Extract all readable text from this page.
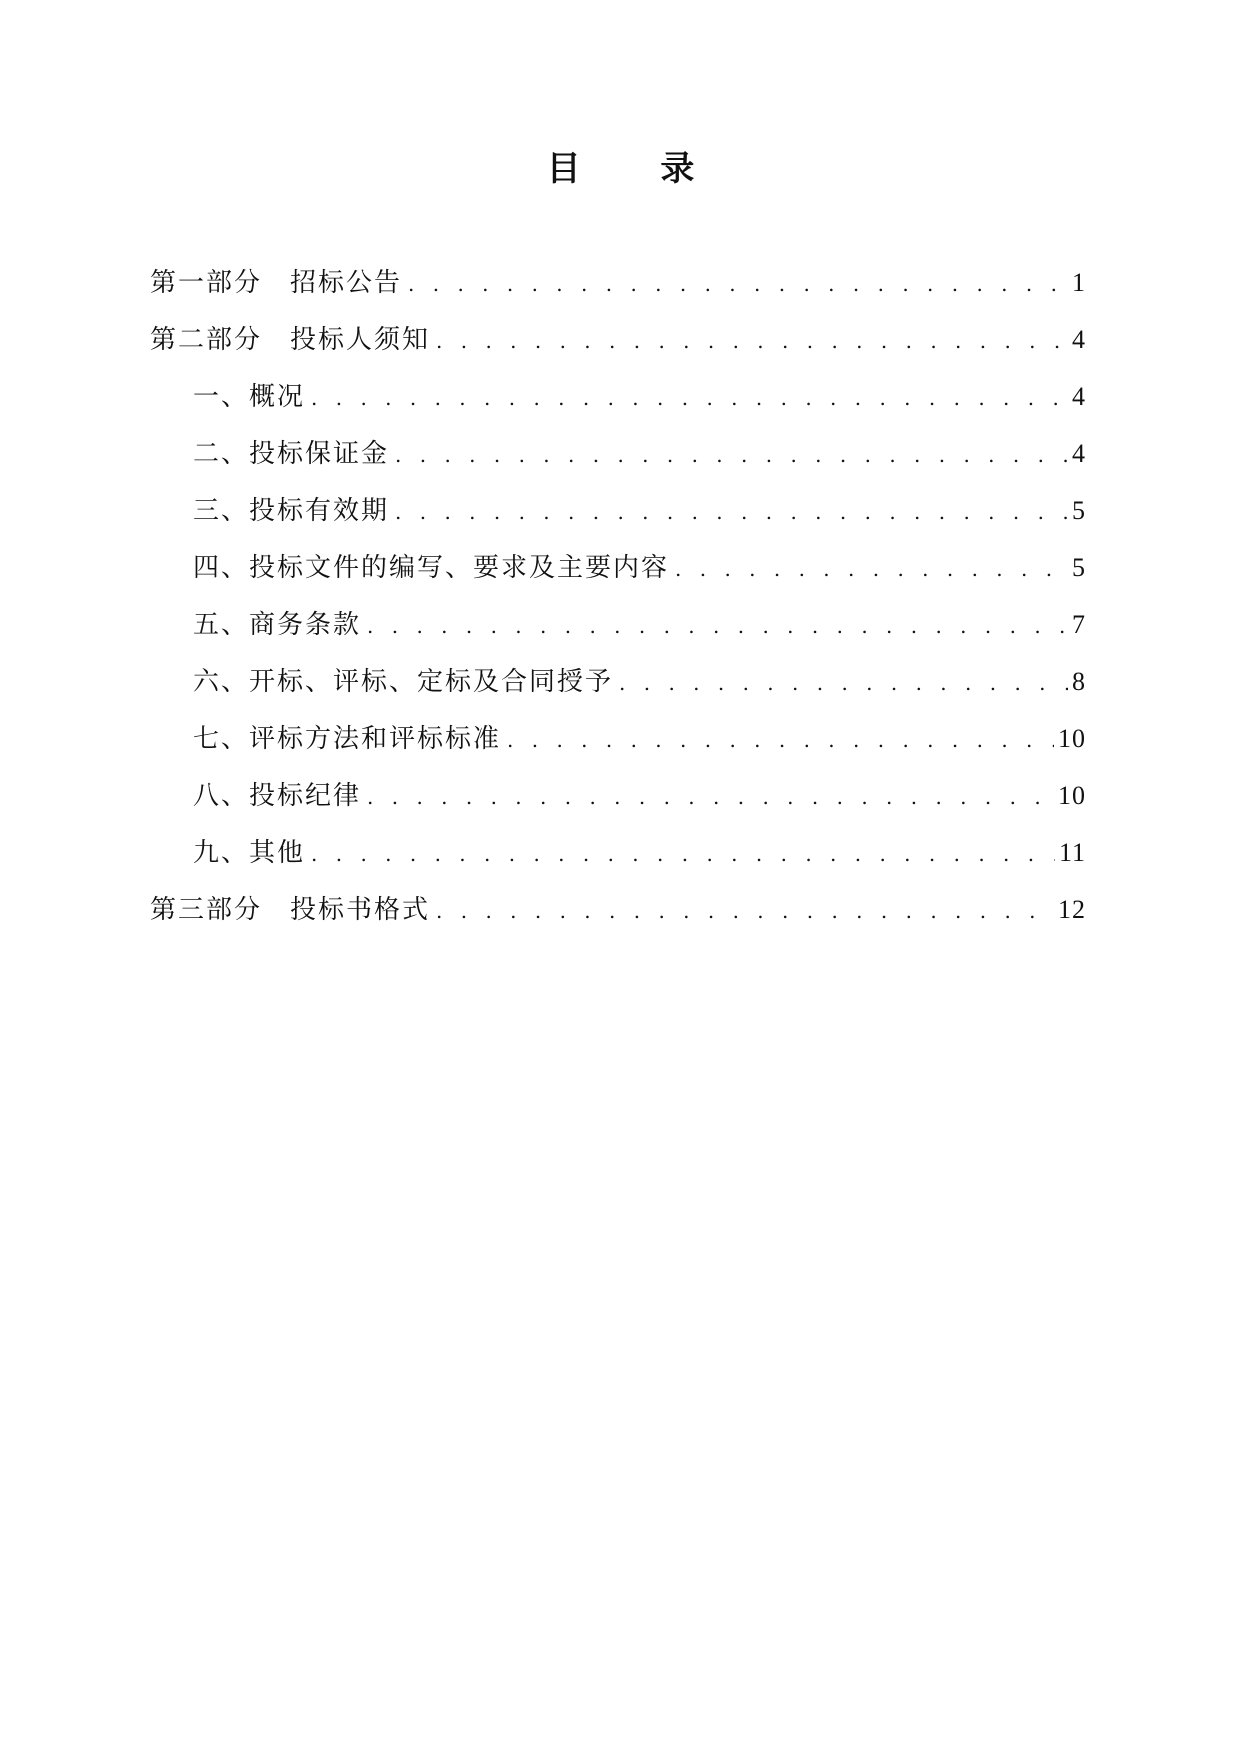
目 录
第一部分　招标公告 . . .	1
第二部分　投标人须知 . . .	4
一、概况 . . .	4
二、投标保证金 . . .	4
三、投标有效期 . . .	5
四、投标文件的编写、要求及主要内容 . . .	5
五、商务条款 . . .	7
六、开标、评标、定标及合同授予 . . .	8
七、评标方法和评标标准 . . .	10
八、投标纪律 . . .	10
九、其他 . . .	11
第三部分　投标书格式 . . .	12
